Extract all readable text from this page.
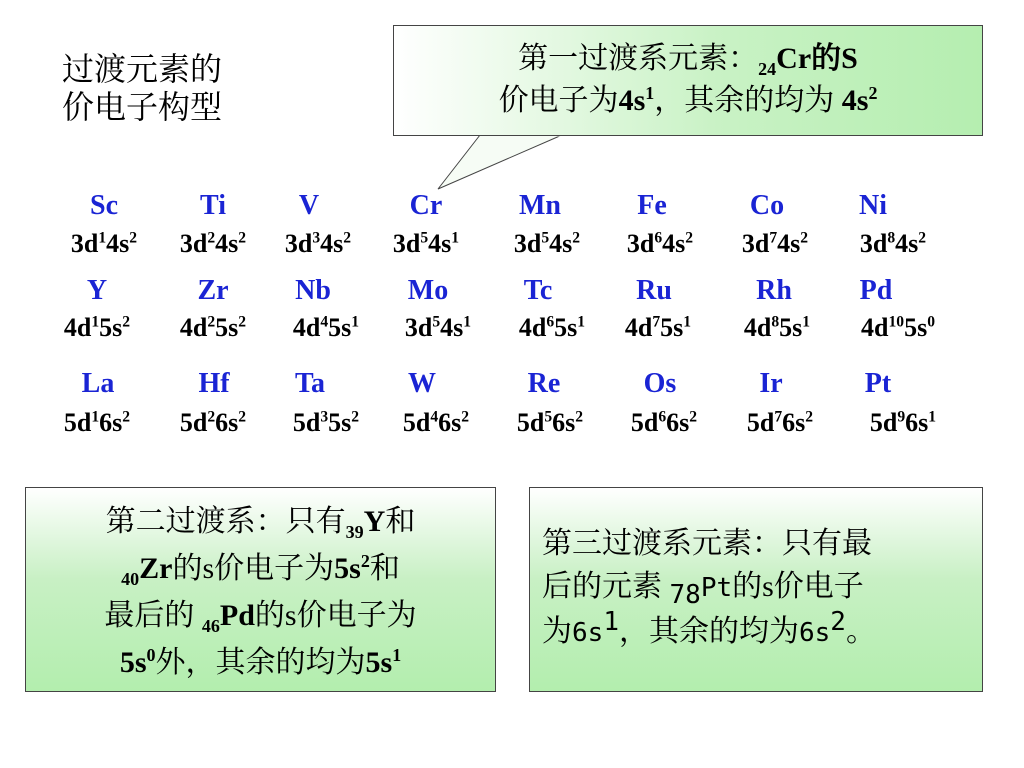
过渡元素的
价电子构型
第一过渡系元素：$_{24}$Cr的S
价电子为$4s^1$，其余的均为 $4s^2$
Sc
$3d^14s^2$
Ti
$3d^24s^2$
V
$3d^34s^2$
Cr
$3d^54s^1$
Mn
$3d^54s^2$
Fe
$3d^64s^2$
Co
$3d^74s^2$
Ni
$3d^84s^2$
Y
$4d^15s^2$
Zr
$4d^25s^2$
Nb
$4d^45s^1$
Mo
$3d^54s^1$
Tc
$4d^65s^1$
Ru
$4d^75s^1$
Rh
$4d^85s^1$
Pd
$4d^{10}5s^0$
La
$5d^16s^2$
Hf
$5d^26s^2$
Ta
$5d^35s^2$
W
$5d^46s^2$
Re
$5d^56s^2$
Os
$5d^66s^2$
Ir
$5d^76s^2$
Pt
$5d^96s^1$
第二过渡系：只有$_{39}$Y和
$_{40}$Zr的s价电子为$5s^2$和
最后的 $_{46}$Pd的s价电子为
$5s^0$外，其余的均为$5s^1$
第三过渡系元素：只有最
后的元素 $_{78}$Pt的s价电子
为$6s^1$，其余的均为$6s^2$。
